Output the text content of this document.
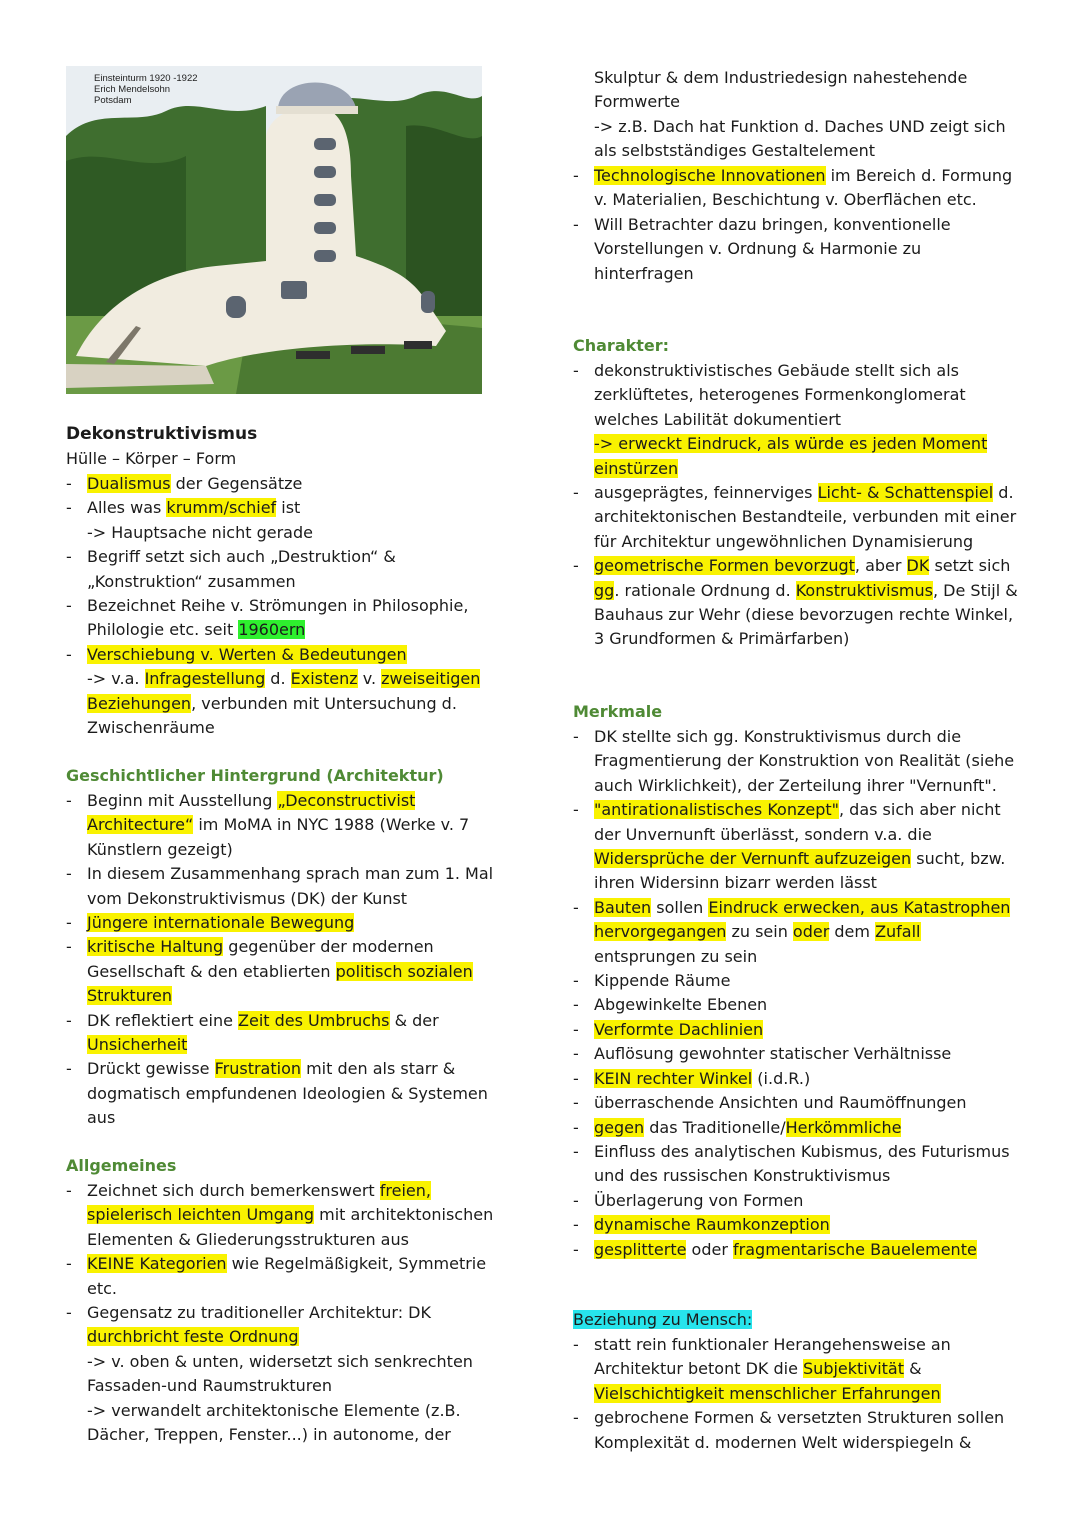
Einsteinturm 1920 -1922
Erich Mendelsohn
Potsdam
Dekonstruktivismus
Hülle – Körper – Form
- Dualismus der Gegensätze
- Alles was krumm/schief ist
-> Hauptsache nicht gerade
- Begriff setzt sich auch „Destruktion“ & „Konstruktion“ zusammen
- Bezeichnet Reihe v. Strömungen in Philosophie, Philologie etc. seit 1960ern
- Verschiebung v. Werten & Bedeutungen
-> v.a. Infragestellung d. Existenz v. zweiseitigen Beziehungen, verbunden mit Untersuchung d. Zwischenräume
Geschichtlicher Hintergrund (Architektur)
- Beginn mit Ausstellung „Deconstructivist Architecture“ im MoMA in NYC 1988 (Werke v. 7 Künstlern gezeigt)
- In diesem Zusammenhang sprach man zum 1. Mal vom Dekonstruktivismus (DK) der Kunst
- Jüngere internationale Bewegung
- kritische Haltung gegenüber der modernen Gesellschaft & den etablierten politisch sozialen Strukturen
- DK reflektiert eine Zeit des Umbruchs & der Unsicherheit
- Drückt gewisse Frustration mit den als starr & dogmatisch empfundenen Ideologien & Systemen aus
Allgemeines
- Zeichnet sich durch bemerkenswert freien, spielerisch leichten Umgang mit architektonischen Elementen & Gliederungsstrukturen aus
- KEINE Kategorien wie Regelmäßigkeit, Symmetrie etc.
- Gegensatz zu traditioneller Architektur: DK durchbricht feste Ordnung
-> v. oben & unten, widersetzt sich senkrechten Fassaden-und Raumstrukturen
-> verwandelt architektonische Elemente (z.B. Dächer, Treppen, Fenster...) in autonome, der
Skulptur & dem Industriedesign nahestehende Formwerte
-> z.B. Dach hat Funktion d. Daches UND zeigt sich als selbstständiges Gestaltelement
- Technologische Innovationen im Bereich d. Formung v. Materialien, Beschichtung v. Oberflächen etc.
- Will Betrachter dazu bringen, konventionelle Vorstellungen v. Ordnung & Harmonie zu hinterfragen
Charakter:
- dekonstruktivistisches Gebäude stellt sich als zerklüftetes, heterogenes Formenkonglomerat welches Labilität dokumentiert
-> erweckt Eindruck, als würde es jeden Moment einstürzen
- ausgeprägtes, feinnerviges Licht- & Schattenspiel d. architektonischen Bestandteile, verbunden mit einer für Architektur ungewöhnlichen Dynamisierung
- geometrische Formen bevorzugt, aber DK setzt sich gg. rationale Ordnung d. Konstruktivismus, De Stijl & Bauhaus zur Wehr (diese bevorzugen rechte Winkel, 3 Grundformen & Primärfarben)
Merkmale
- DK stellte sich gg. Konstruktivismus durch die Fragmentierung der Konstruktion von Realität (siehe auch Wirklichkeit), der Zerteilung ihrer "Vernunft".
- "antirationalistisches Konzept", das sich aber nicht der Unvernunft überlässt, sondern v.a. die Widersprüche der Vernunft aufzuzeigen sucht, bzw. ihren Widersinn bizarr werden lässt
- Bauten sollen Eindruck erwecken, aus Katastrophen hervorgegangen zu sein oder dem Zufall entsprungen zu sein
- Kippende Räume
- Abgewinkelte Ebenen
- Verformte Dachlinien
- Auflösung gewohnter statischer Verhältnisse
- KEIN rechter Winkel (i.d.R.)
- überraschende Ansichten und Raumöffnungen
- gegen das Traditionelle/Herkömmliche
- Einfluss des analytischen Kubismus, des Futurismus und des russischen Konstruktivismus
- Überlagerung von Formen
- dynamische Raumkonzeption
- gesplitterte oder fragmentarische Bauelemente
Beziehung zu Mensch:
- statt rein funktionaler Herangehensweise an Architektur betont DK die Subjektivität & Vielschichtigkeit menschlicher Erfahrungen
- gebrochene Formen & versetzten Strukturen sollen Komplexität d. modernen Welt widerspiegeln &
